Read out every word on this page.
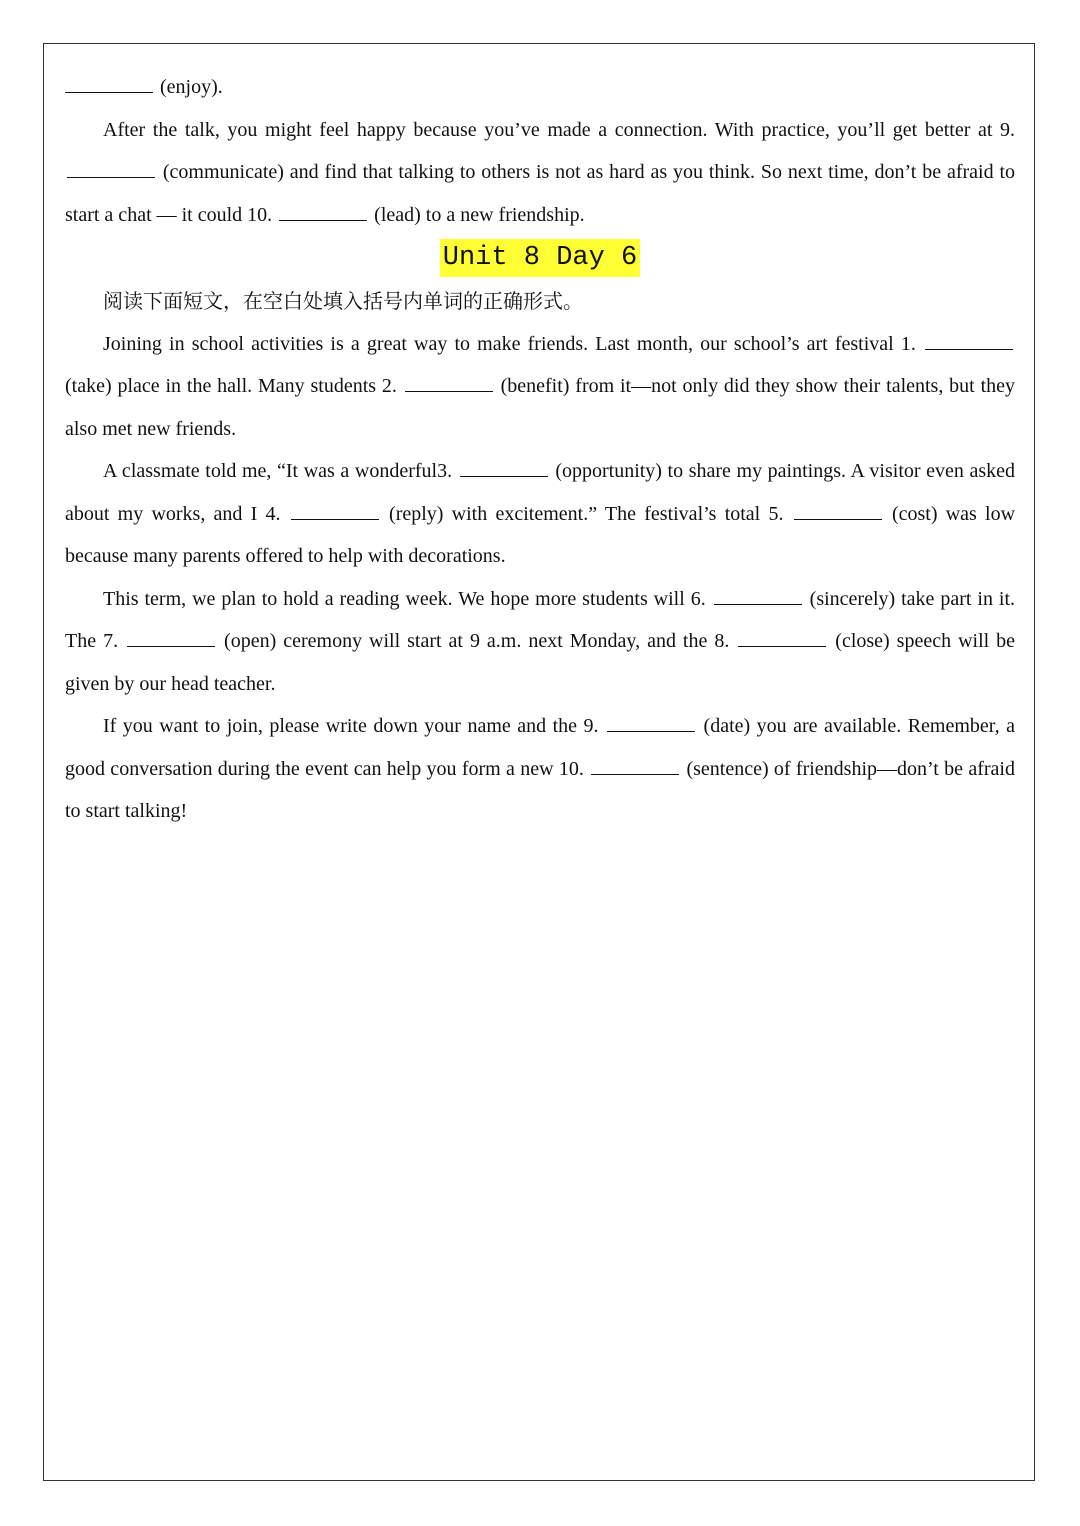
(enjoy).

After the talk, you might feel happy because you’ve made a connection. With practice, you’ll get better at 9.  (communicate) and find that talking to others is not as hard as you think. So next time, don’t be afraid to start a chat — it could 10.	(lead) to a new friendship.

Unit 8 Day 6

阅读下面短文，在空白处填入括号内单词的正确形式。

Joining in school activities is a great way to make friends. Last month, our school’s art festival 1.  (take) place in the hall. Many students 2.	(benefit) from it—not only did they show their talents, but they also met new friends.

A classmate told me, “It was a wonderful3.	(opportunity) to share my paintings. A visitor even asked about my works, and I 4.	(reply) with excitement.” The festival’s total 5.	(cost) was low because many parents offered to help with decorations.

This term, we plan to hold a reading week. We hope more students will 6.	(sincerely) take part in it. The 7.	(open) ceremony will start at 9 a.m. next Monday, and the 8.	(close) speech will be given by our head teacher.

If you want to join, please write down your name and the 9.	(date) you are available. Remember, a good conversation during the event can help you form a new 10.	(sentence) of friendship—don’t be afraid to start talking!
